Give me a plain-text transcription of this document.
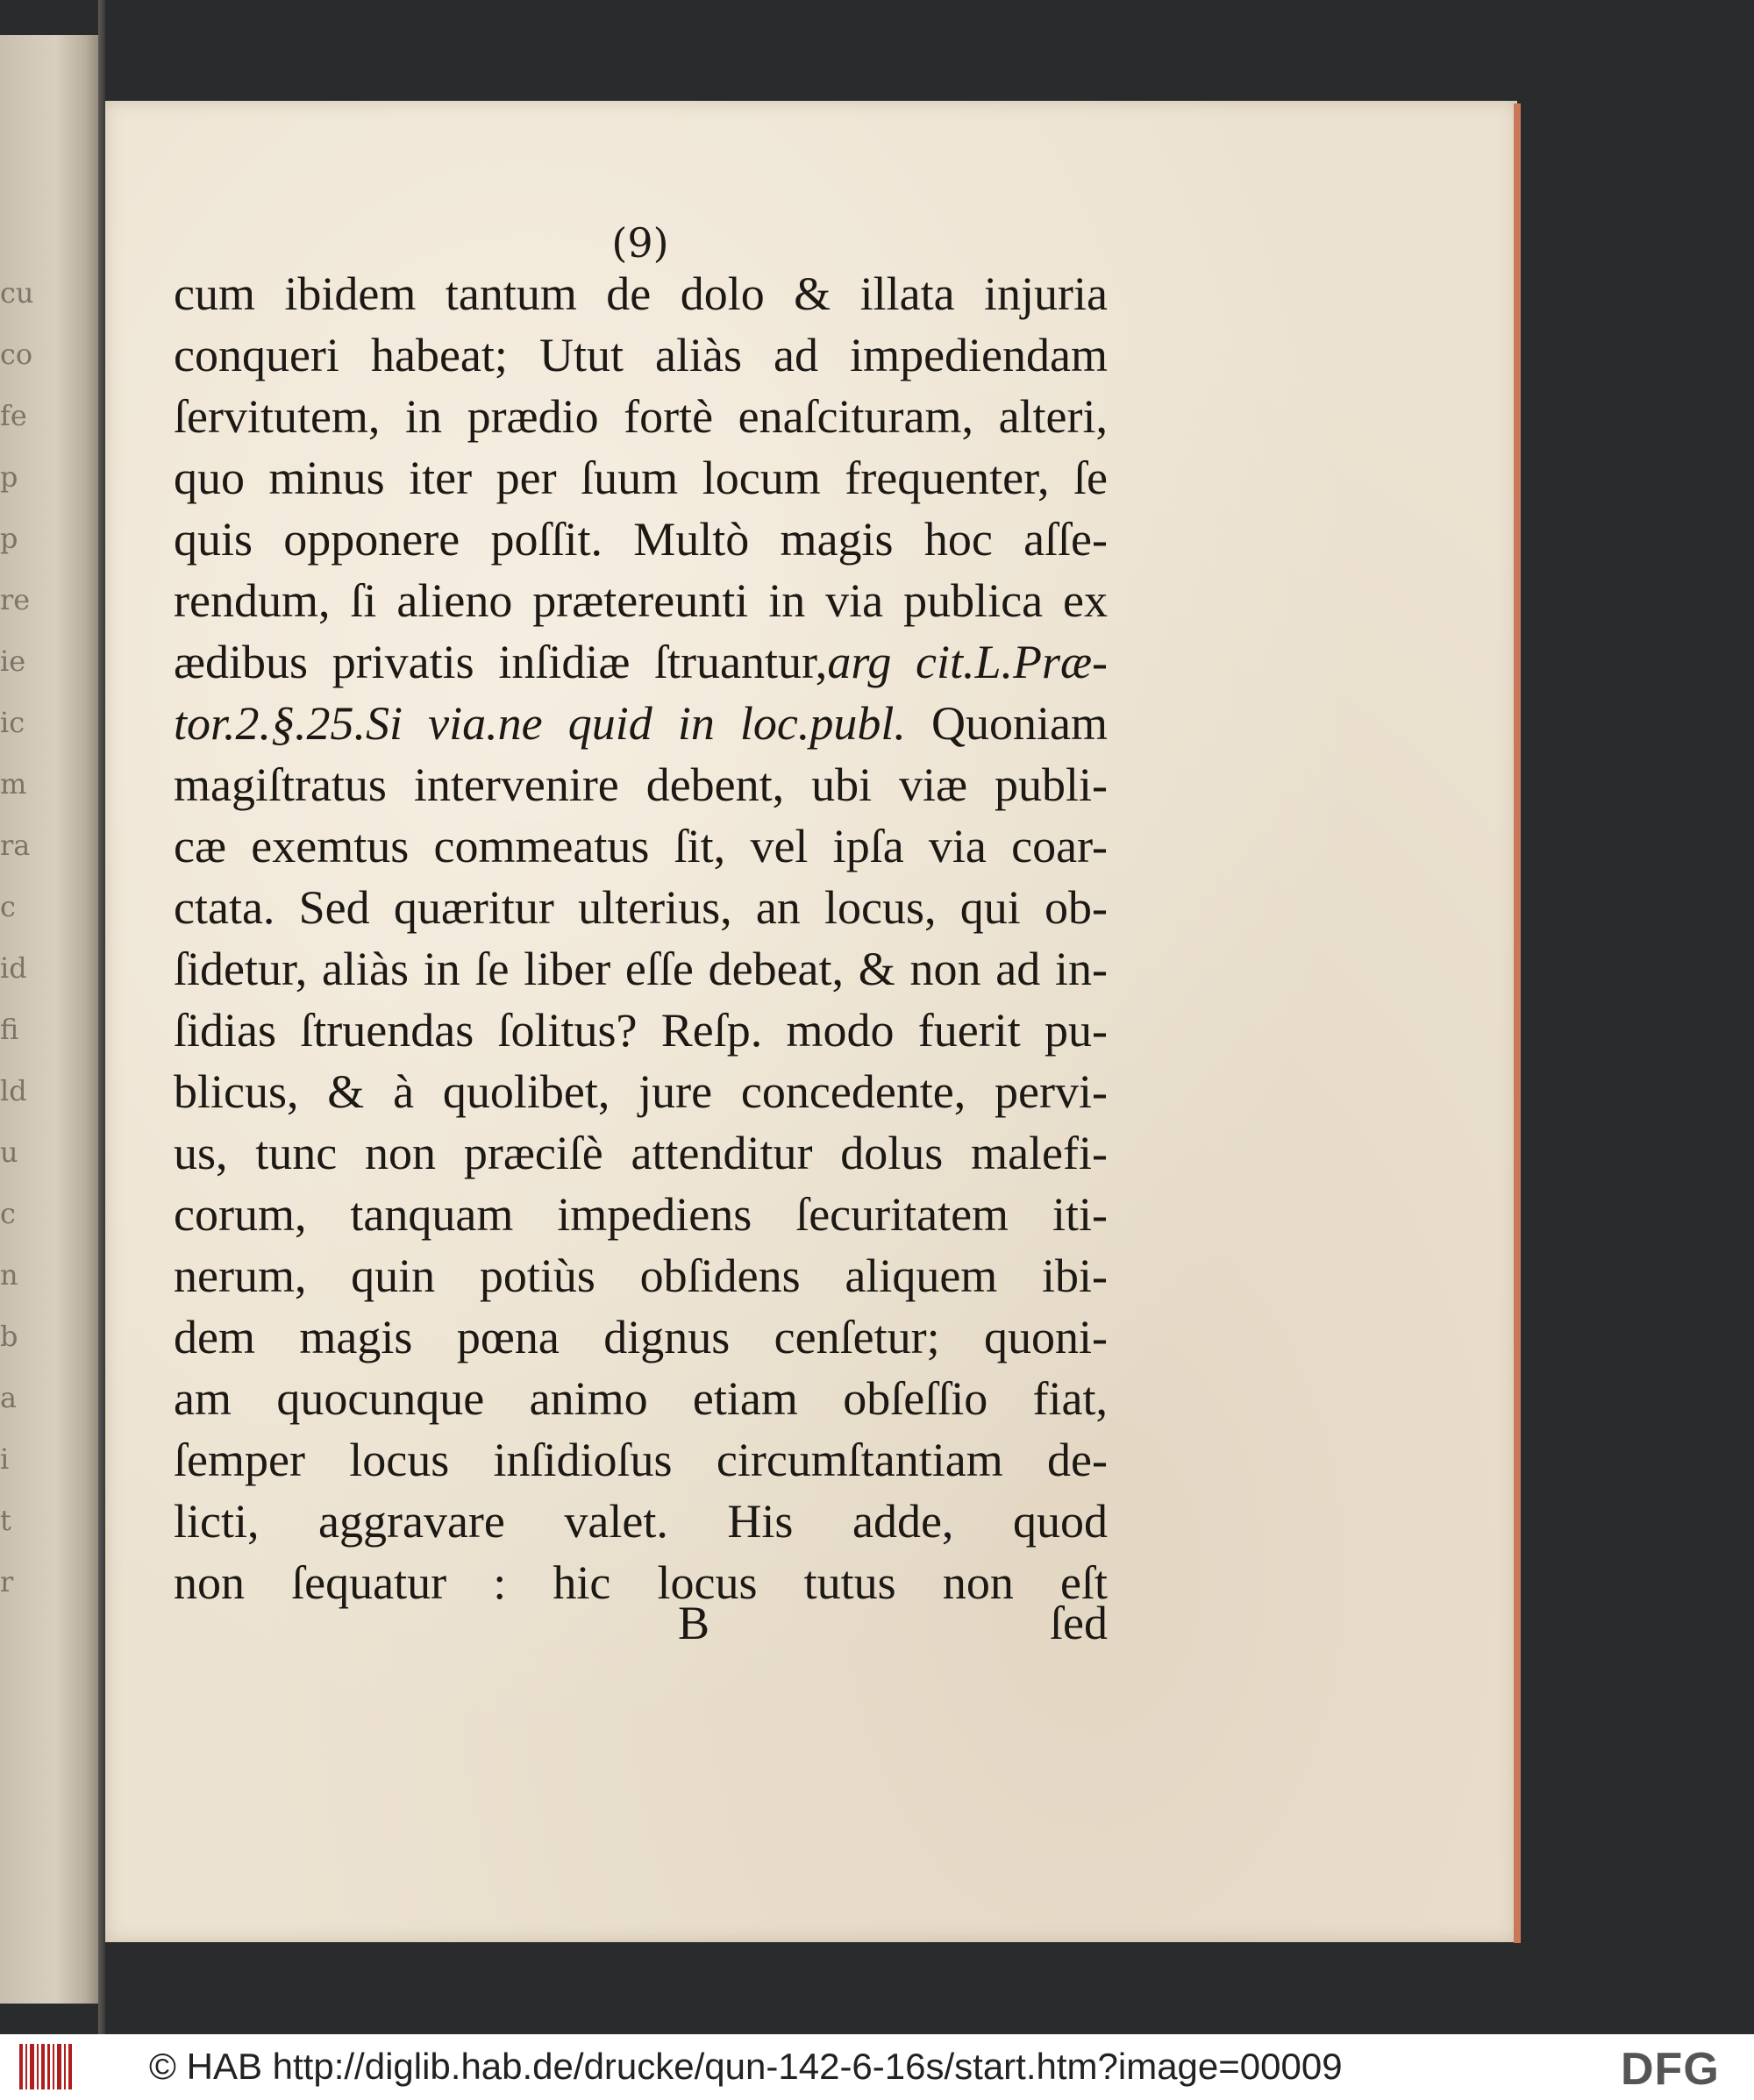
cu
co
fe
p
p
re
ie
ic
m
ra
c
id
fi
ld
u
c
n
b
a
i
t
r
(9)
cum ibidem tantum de dolo & illata injuria
conqueri habeat; Utut aliàs ad impediendam
ſervitutem, in prædio fortè enaſcituram, alteri,
quo minus iter per ſuum locum frequenter, ſe
quis opponere poſſit. Multò magis hoc aſſe-
rendum, ſi alieno prætereunti in via publica ex
ædibus privatis inſidiæ ſtruantur,arg cit.L.Præ-
tor.2.§.25.Si via.ne quid in loc.publ. Quoniam
magiſtratus intervenire debent, ubi viæ publi-
cæ exemtus commeatus ſit, vel ipſa via coar-
ctata. Sed quæritur ulterius, an locus, qui ob-
ſidetur, aliàs in ſe liber eſſe debeat, & non ad in-
ſidias ſtruendas ſolitus? Reſp. modo fuerit pu-
blicus, & à quolibet, jure concedente, pervi-
us, tunc non præciſè attenditur dolus malefi-
corum, tanquam impediens ſecuritatem iti-
nerum, quin potiùs obſidens aliquem ibi-
dem magis pœna dignus cenſetur; quoni-
am quocunque animo etiam obſeſſio fiat,
ſemper locus inſidioſus circumſtantiam de-
licti, aggravare valet. His adde, quod
non ſequatur : hic locus tutus non eſt
B	ſed
© HAB http://diglib.hab.de/drucke/qun-142-6-16s/start.htm?image=00009	DFG
